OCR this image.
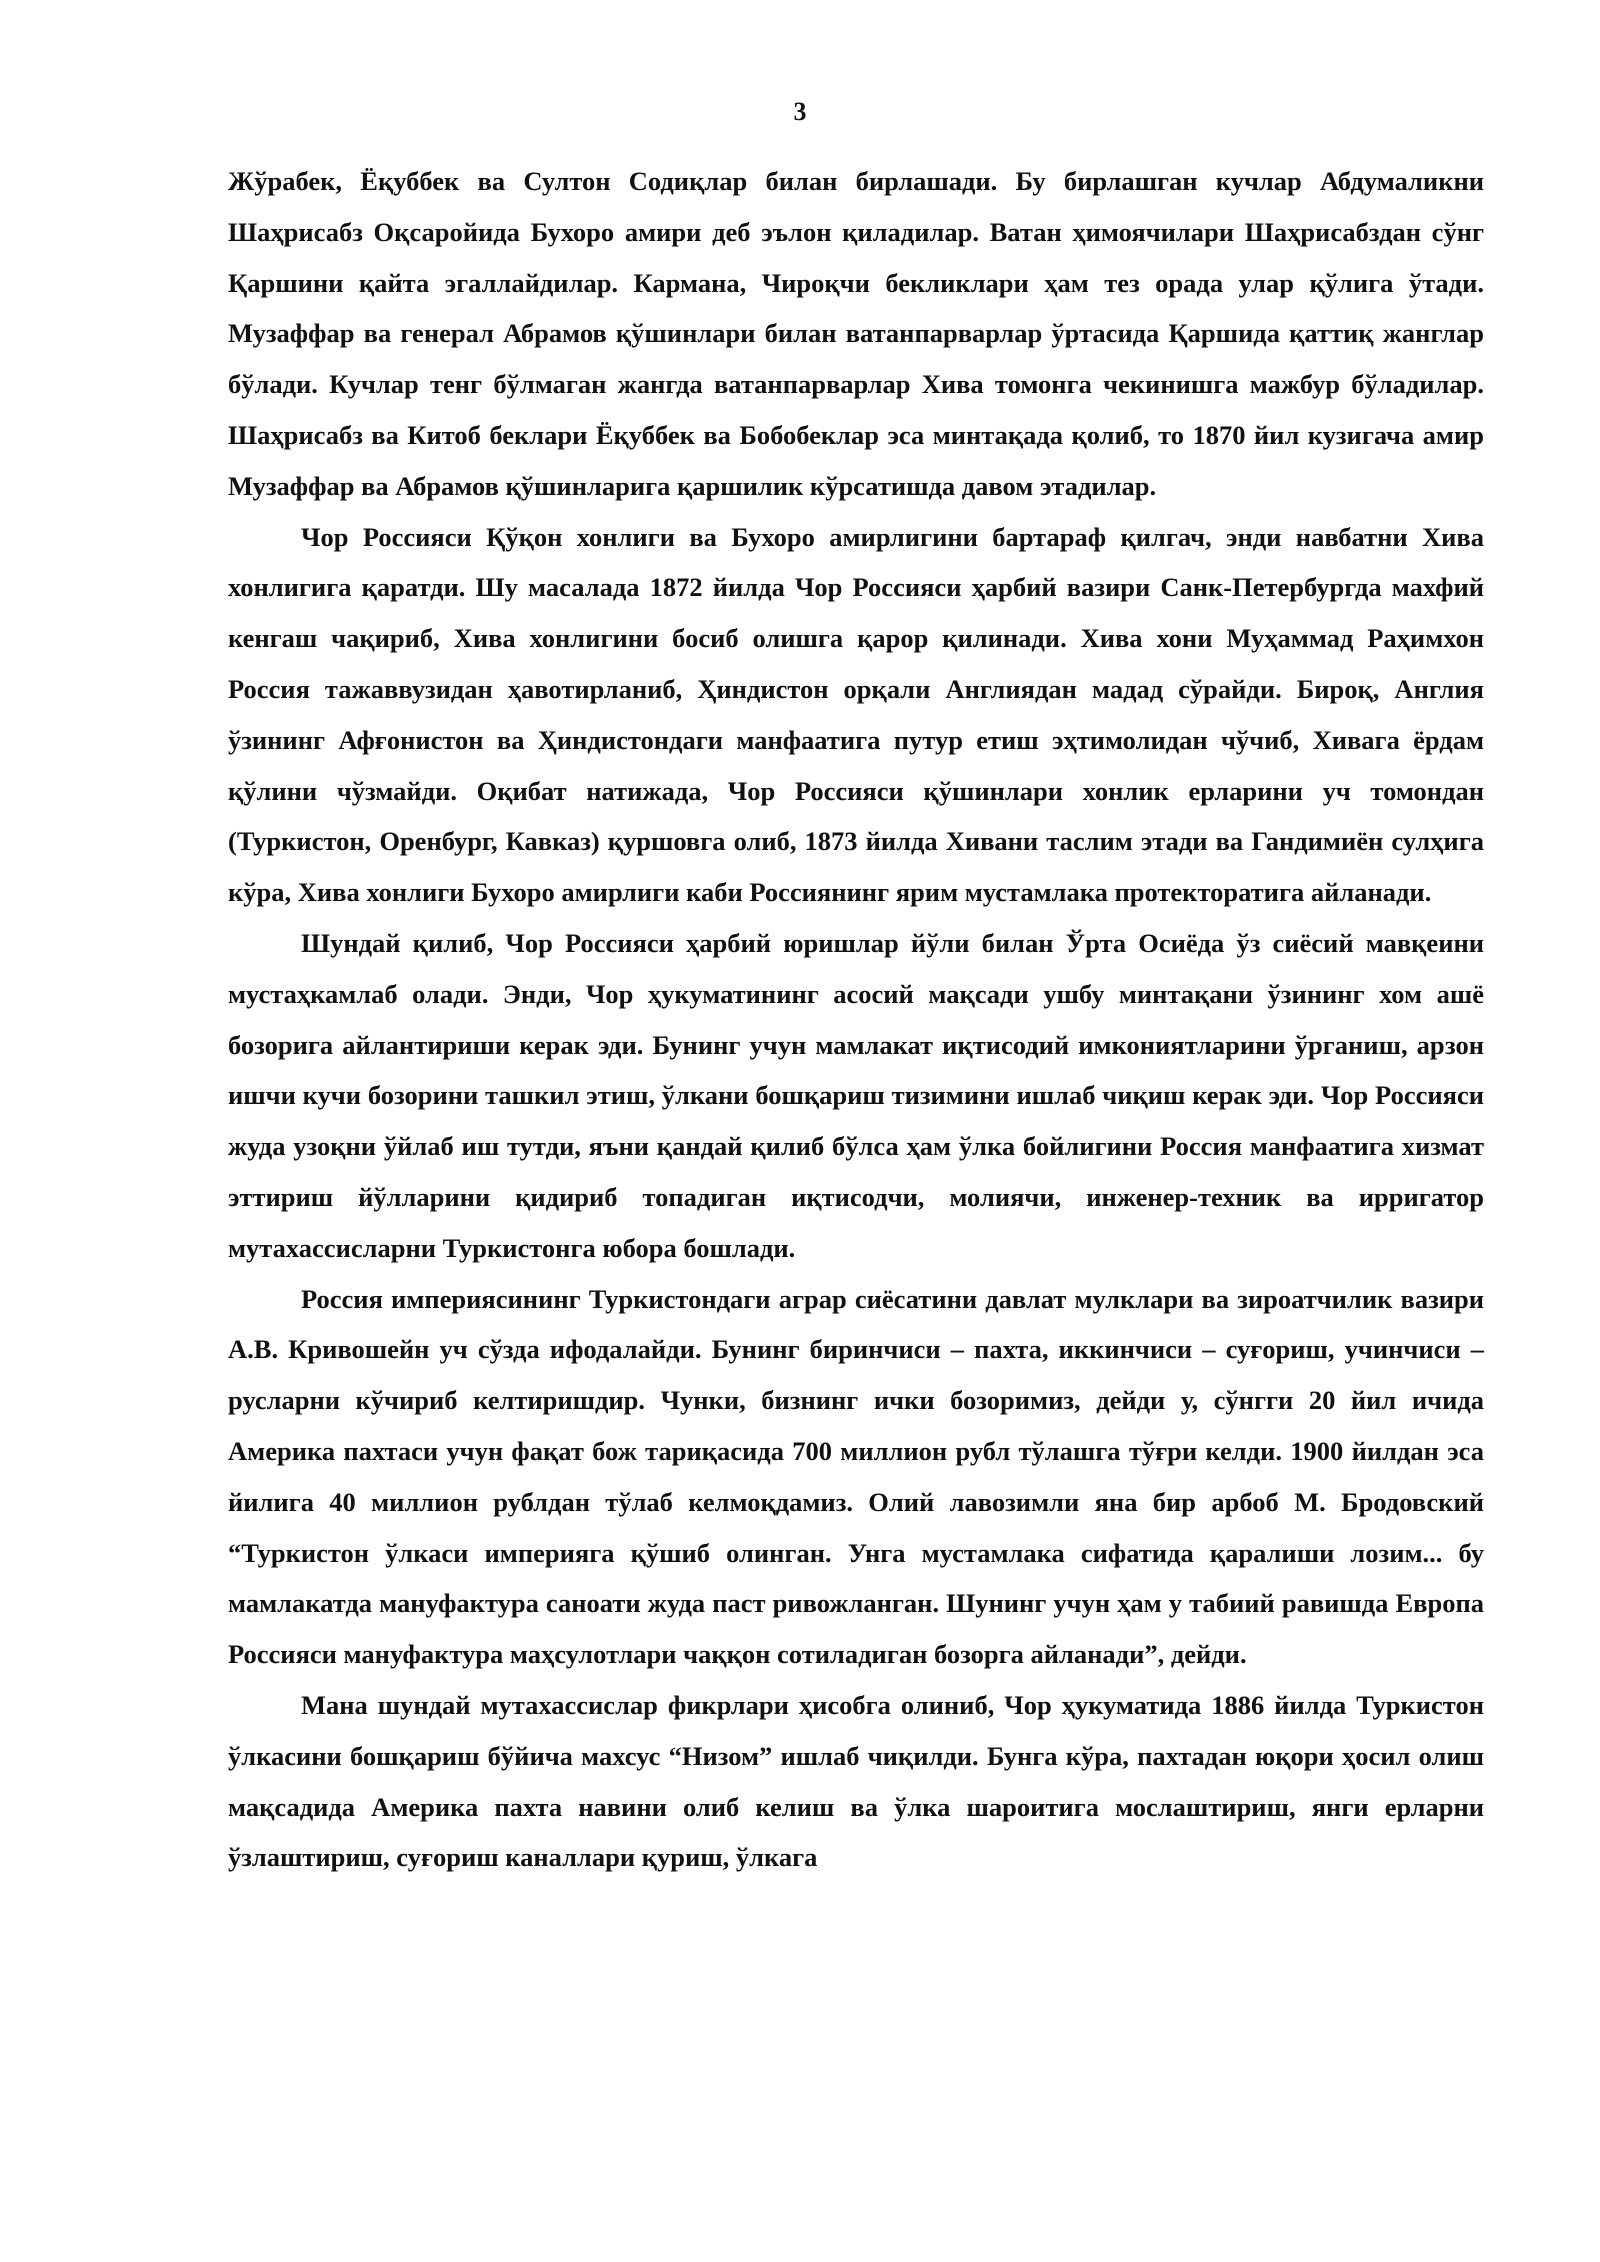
3

Жўрабек, Ёқуббек ва Султон Содиқлар билан бирлашади. Бу бирлашган кучлар Абдумаликни Шаҳрисабз Оқсаройида Бухоро амири деб эълон қиладилар. Ватан ҳимоячилари Шаҳрисабздан сўнг Қаршини қайта эгаллайдилар. Кармана, Чироқчи бекликлари ҳам тез орада улар қўлига ўтади. Музаффар ва генерал Абрамов қўшинлари билан ватанпарварлар ўртасида Қаршида қаттиқ жанглар бўлади. Кучлар тенг бўлмаган жангда ватанпарварлар Хива томонга чекинишга мажбур бўладилар. Шаҳрисабз ва Китоб беклари Ёқуббек ва Бобобеклар эса минтақада қолиб, то 1870 йил кузигача амир Музаффар ва Абрамов қўшинларига қаршилик кўрсатишда давом этадилар.

Чор Россияси Қўқон хонлиги ва Бухоро амирлигини бартараф қилгач, энди навбатни Хива хонлигига қаратди. Шу масалада 1872 йилда Чор Россияси ҳарбий вазири Санк-Петербургда махфий кенгаш чақириб, Хива хонлигини босиб олишга қарор қилинади. Хива хони Муҳаммад Раҳимхон Россия тажаввузидан ҳавотирланиб, Ҳиндистон орқали Англиядан мадад сўрайди. Бироқ, Англия ўзининг Афғонистон ва Ҳиндистондаги манфаатига путур етиш эҳтимолидан чўчиб, Хивага ёрдам қўлини чўзмайди. Оқибат натижада, Чор Россияси қўшинлари хонлик ерларини уч томондан (Туркистон, Оренбург, Кавказ) қуршовга олиб, 1873 йилда Хивани таслим этади ва Гандимиён сулҳига кўра, Хива хонлиги Бухоро амирлиги каби Россиянинг ярим мустамлака протекторатига айланади.

Шундай қилиб, Чор Россияси ҳарбий юришлар йўли билан Ўрта Осиёда ўз сиёсий мавқеини мустаҳкамлаб олади. Энди, Чор ҳукуматининг асосий мақсади ушбу минтақани ўзининг хом ашё бозорига айлантириши керак эди. Бунинг учун мамлакат иқтисодий имкониятларини ўрганиш, арзон ишчи кучи бозорини ташкил этиш, ўлкани бошқариш тизимини ишлаб чиқиш керак эди. Чор Россияси жуда узоқни ўйлаб иш тутди, яъни қандай қилиб бўлса ҳам ўлка бойлигини Россия манфаатига хизмат эттириш йўлларини қидириб топадиган иқтисодчи, молиячи, инженер-техник ва ирригатор мутахассисларни Туркистонга юбора бошлади.

Россия империясининг Туркистондаги аграр сиёсатини давлат мулклари ва зироатчилик вазири А.В. Кривошейн уч сўзда ифодалайди. Бунинг биринчиси – пахта, иккинчиси – суғориш, учинчиси – русларни кўчириб келтиришдир. Чунки, бизнинг ички бозоримиз, дейди у, сўнгги 20 йил ичида Америка пахтаси учун фақат бож тариқасида 700 миллион рубл тўлашга тўғри келди. 1900 йилдан эса йилига 40 миллион рублдан тўлаб келмоқдамиз. Олий лавозимли яна бир арбоб М. Бродовский “Туркистон ўлкаси империяга қўшиб олинган. Унга мустамлака сифатида қаралиши лозим... бу мамлакатда мануфактура саноати жуда паст ривожланган. Шунинг учун ҳам у табиий равишда Европа Россияси мануфактура маҳсулотлари чаққон сотиладиган бозорга айланади”, дейди.

Мана шундай мутахассислар фикрлари ҳисобга олиниб, Чор ҳукуматида 1886 йилда Туркистон ўлкасини бошқариш бўйича махсус “Низом” ишлаб чиқилди. Бунга кўра, пахтадан юқори ҳосил олиш мақсадида Америка пахта навини олиб келиш ва ўлка шароитига мослаштириш, янги ерларни ўзлаштириш, суғориш каналлари қуриш, ўлкага
